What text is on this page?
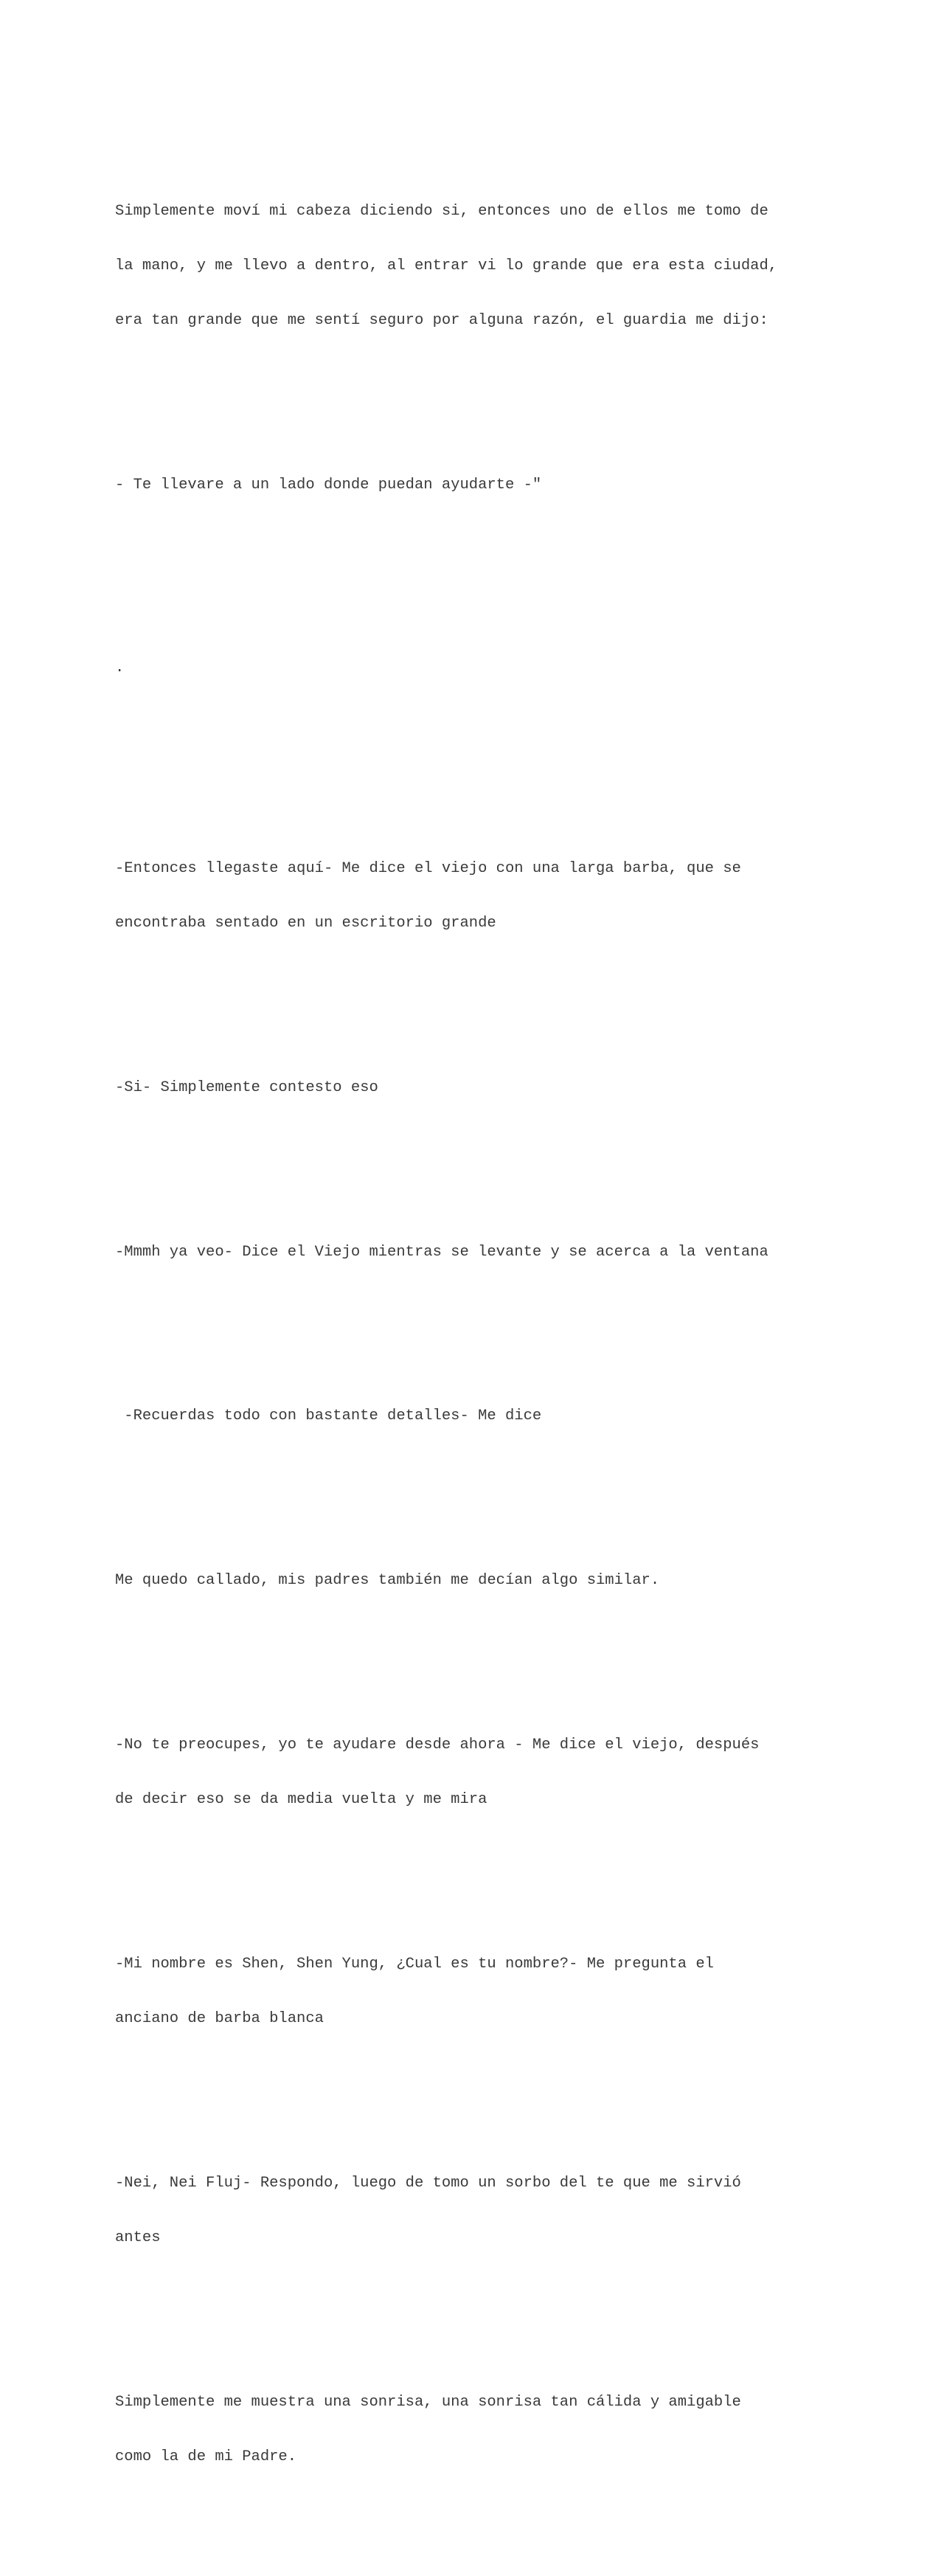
Simplemente moví mi cabeza diciendo si, entonces uno de ellos me tomo de

la mano, y me llevo a dentro, al entrar vi lo grande que era esta ciudad,

era tan grande que me sentí seguro por alguna razón, el guardia me dijo:

- Te llevare a un lado donde puedan ayudarte -"

.

-Entonces llegaste aquí- Me dice el viejo con una larga barba, que se

encontraba sentado en un escritorio grande

-Si- Simplemente contesto eso

-Mmmh ya veo- Dice el Viejo mientras se levante y se acerca a la ventana

-Recuerdas todo con bastante detalles- Me dice

Me quedo callado, mis padres también me decían algo similar.

-No te preocupes, yo te ayudare desde ahora - Me dice el viejo, después

de decir eso se da media vuelta y me mira

-Mi nombre es Shen, Shen Yung, ¿Cual es tu nombre?- Me pregunta el

anciano de barba blanca

-Nei, Nei Fluj- Respondo, luego de tomo un sorbo del te que me sirvió

antes

Simplemente me muestra una sonrisa, una sonrisa tan cálida y amigable

como la de mi Padre.
